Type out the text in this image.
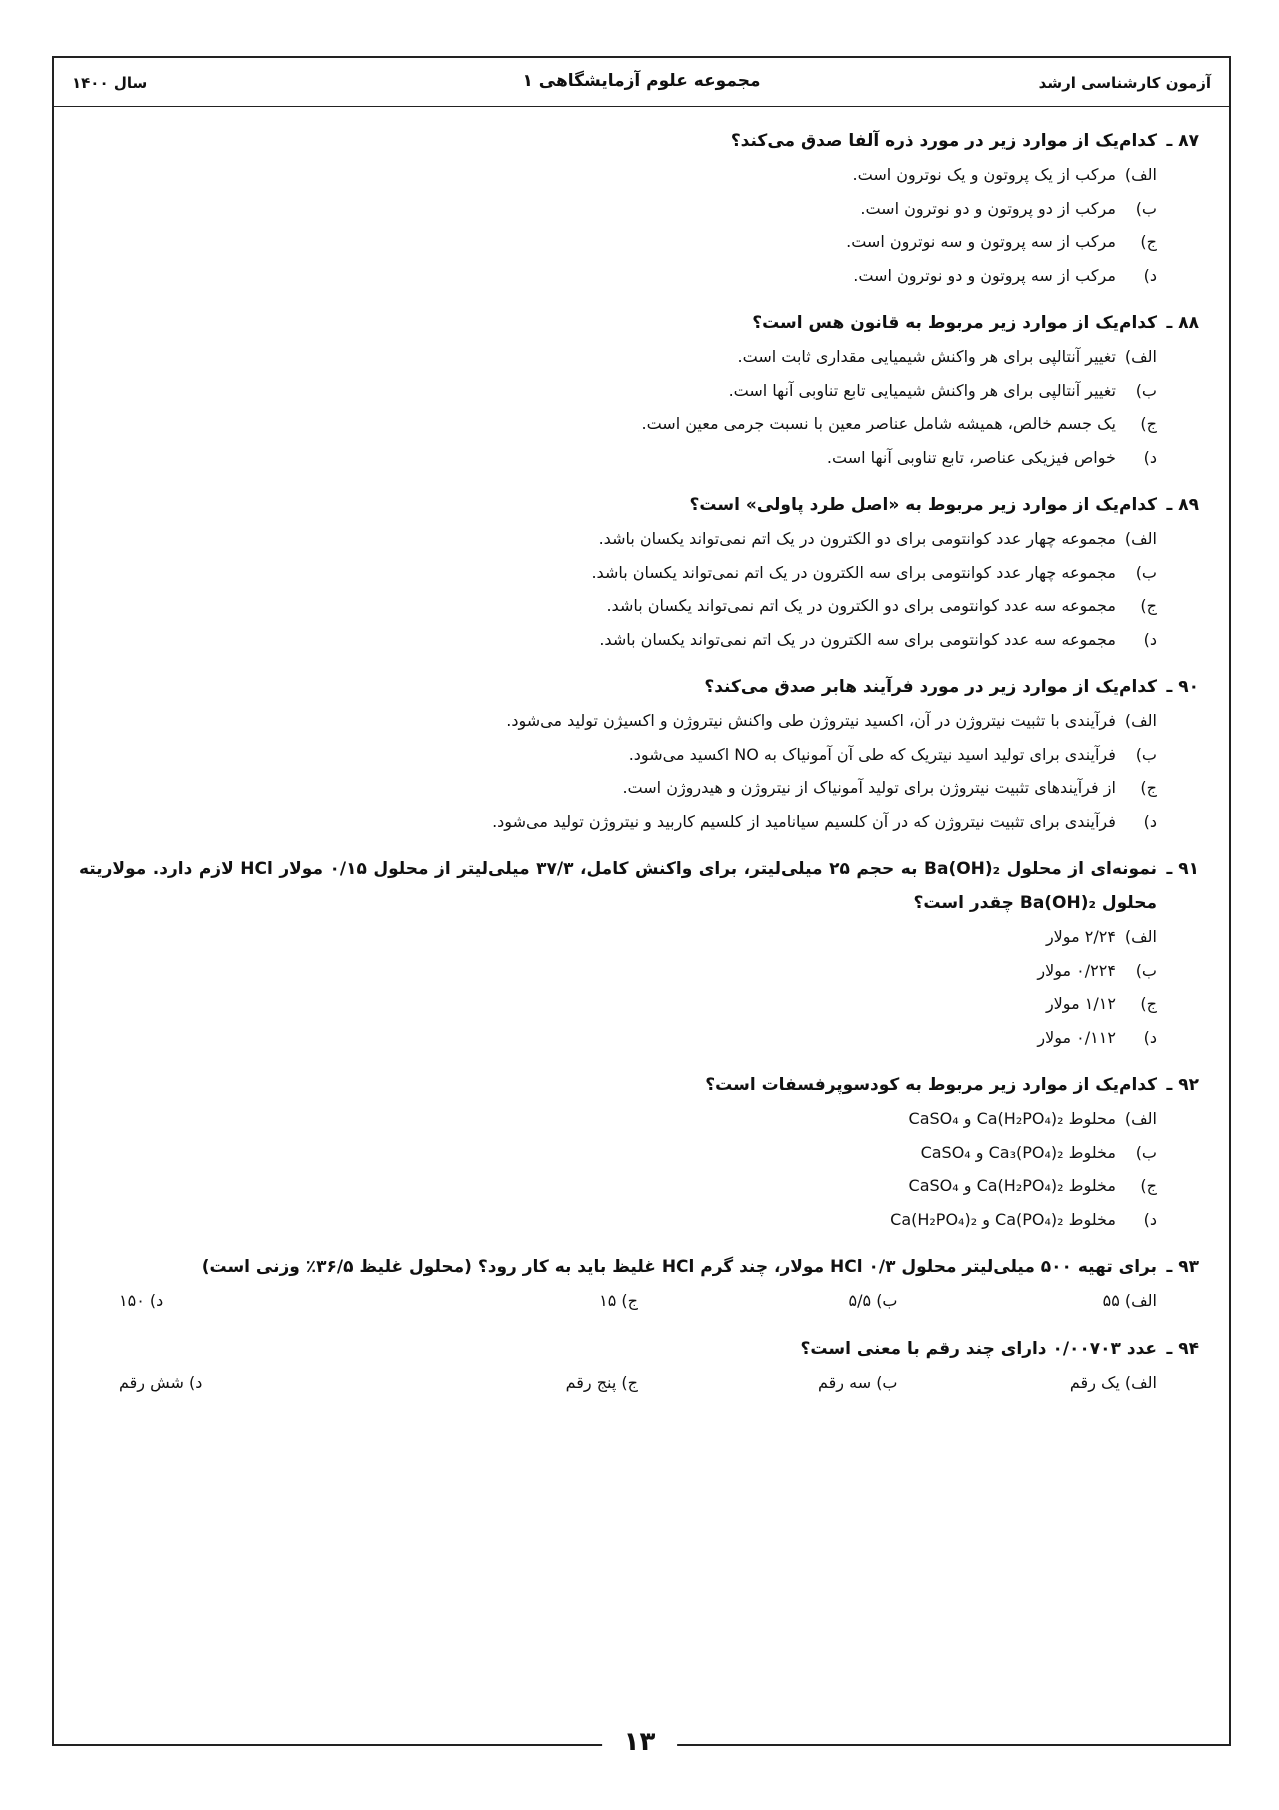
آزمون کارشناسی ارشد
مجموعه علوم آزمایشگاهی ۱
سال ۱۴۰۰
۸۷ ـ
کدام‌یک از موارد زیر در مورد ذره آلفا صدق می‌کند؟
الف) مرکب از یک پروتون و یک نوترون است.
ب) مرکب از دو پروتون و دو نوترون است.
ج) مرکب از سه پروتون و سه نوترون است.
د) مرکب از سه پروتون و دو نوترون است.
۸۸ ـ
کدام‌یک از موارد زیر مربوط به قانون هس است؟
الف) تغییر آنتالپی برای هر واکنش شیمیایی مقداری ثابت است.
ب) تغییر آنتالپی برای هر واکنش شیمیایی تابع تناوبی آنها است.
ج) یک جسم خالص، همیشه شامل عناصر معین با نسبت جرمی معین است.
د) خواص فیزیکی عناصر، تابع تناوبی آنها است.
۸۹ ـ
کدام‌یک از موارد زیر مربوط به «اصل طرد پاولی» است؟
الف) مجموعه چهار عدد کوانتومی برای دو الکترون در یک اتم نمی‌تواند یکسان باشد.
ب) مجموعه چهار عدد کوانتومی برای سه الکترون در یک اتم نمی‌تواند یکسان باشد.
ج) مجموعه سه عدد کوانتومی برای دو الکترون در یک اتم نمی‌تواند یکسان باشد.
د) مجموعه سه عدد کوانتومی برای سه الکترون در یک اتم نمی‌تواند یکسان باشد.
۹۰ ـ
کدام‌یک از موارد زیر در مورد فرآیند هابر صدق می‌کند؟
الف) فرآیندی با تثبیت نیتروژن در آن، اکسید نیتروژن طی واکنش نیتروژن و اکسیژن تولید می‌شود.
ب) فرآیندی برای تولید اسید نیتریک که طی آن آمونیاک به NO اکسید می‌شود.
ج) از فرآیندهای تثبیت نیتروژن برای تولید آمونیاک از نیتروژن و هیدروژن است.
د) فرآیندی برای تثبیت نیتروژن که در آن کلسیم سیانامید از کلسیم کاربید و نیتروژن تولید می‌شود.
۹۱ ـ
نمونه‌ای از محلول Ba(OH)₂ به حجم ۲۵ میلی‌لیتر، برای واکنش کامل، ۳۷/۳ میلی‌لیتر از محلول ۰/۱۵ مولار HCl لازم دارد. مولاریته محلول Ba(OH)₂ چقدر است؟
الف) ۲/۲۴ مولار
ب) ۰/۲۲۴ مولار
ج) ۱/۱۲ مولار
د) ۰/۱۱۲ مولار
۹۲ ـ
کدام‌یک از موارد زیر مربوط به کودسوپرفسفات است؟
الف) محلوط Ca(H₂PO₄)₂ و CaSO₄
ب) مخلوط Ca₃(PO₄)₂ و CaSO₄
ج) مخلوط Ca(H₂PO₄)₂ و CaSO₄
د) مخلوط Ca(PO₄)₂ و Ca(H₂PO₄)₂
۹۳ ـ
برای تهیه ۵۰۰ میلی‌لیتر محلول HCl ۰/۳ مولار، چند گرم HCl غلیظ باید به کار رود؟ (محلول غلیظ ۳۶/۵٪ وزنی است)
الف) ۵۵
ب) ۵/۵
ج) ۱۵
د) ۱۵۰
۹۴ ـ
عدد ۰/۰۰۷۰۳ دارای چند رقم با معنی است؟
الف) یک رقم
ب) سه رقم
ج) پنج رقم
د) شش رقم
۱۳
